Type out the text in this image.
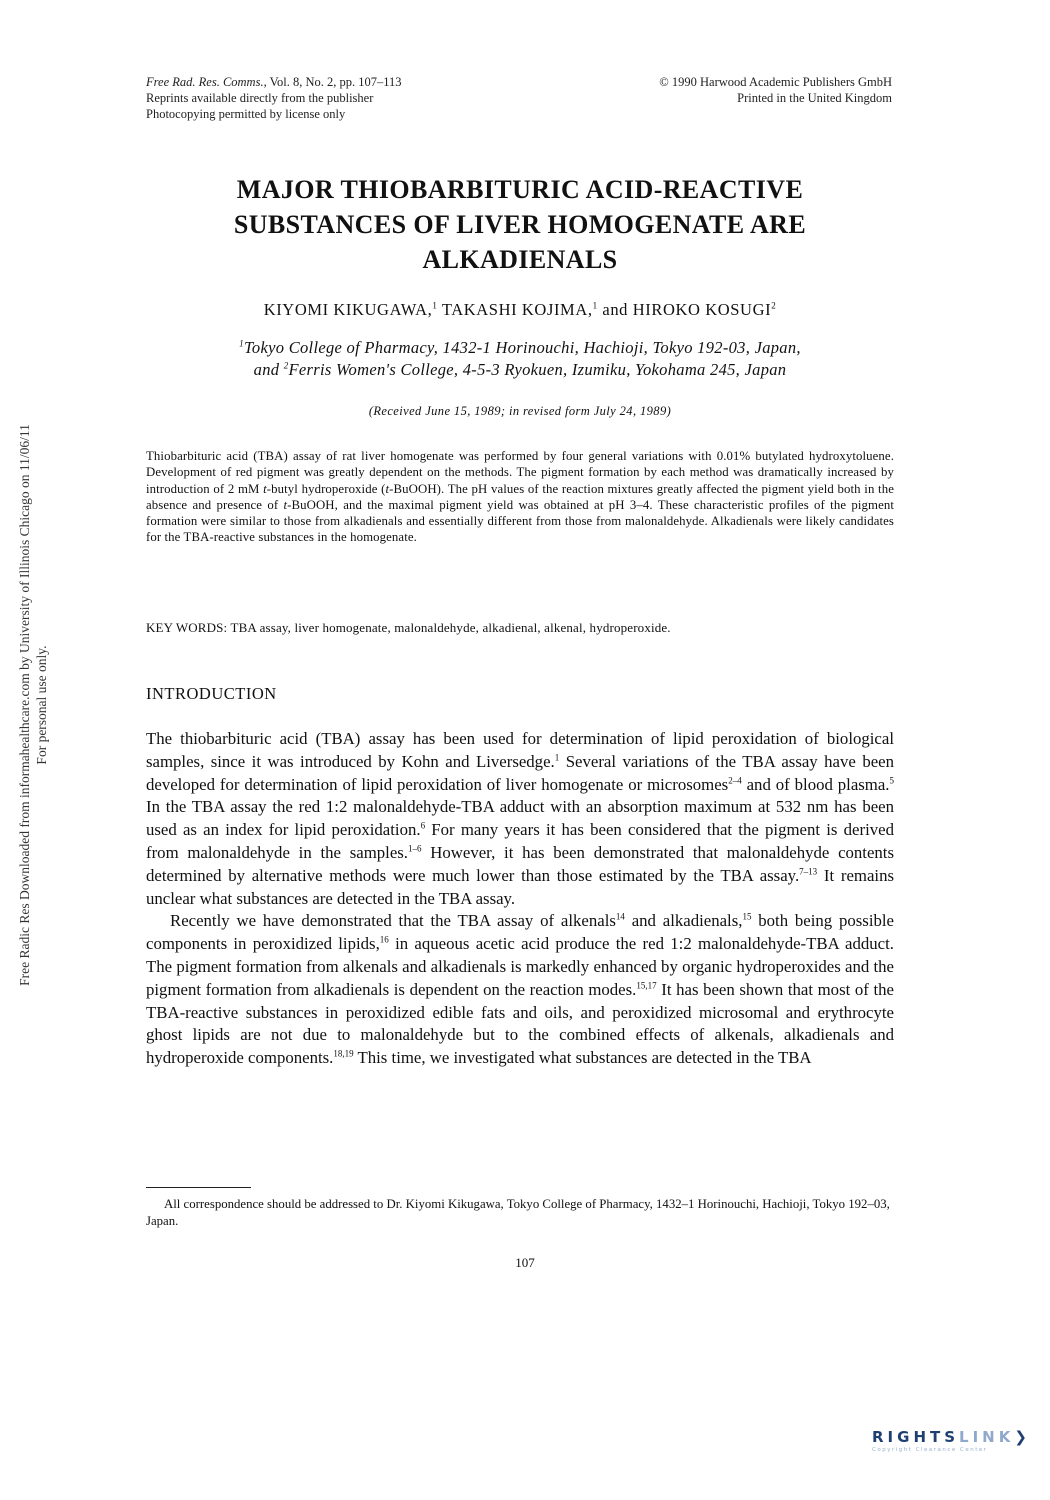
Free Rad. Res. Comms., Vol. 8, No. 2, pp. 107–113
Reprints available directly from the publisher
Photocopying permitted by license only
© 1990 Harwood Academic Publishers GmbH
Printed in the United Kingdom
Free Radic Res Downloaded from informahealthcare.com by University of Illinois Chicago on 11/06/11 For personal use only.
MAJOR THIOBARBITURIC ACID-REACTIVE
SUBSTANCES OF LIVER HOMOGENATE ARE
ALKADIENALS
KIYOMI KIKUGAWA,$^1$ TAKASHI KOJIMA,$^1$ and HIROKO KOSUGI$^2$
$^1$Tokyo College of Pharmacy, 1432-1 Horinouchi, Hachioji, Tokyo 192-03, Japan,
and $^2$Ferris Women's College, 4-5-3 Ryokuen, Izumiku, Yokohama 245, Japan
(Received June 15, 1989; in revised form July 24, 1989)
Thiobarbituric acid (TBA) assay of rat liver homogenate was performed by four general variations with 0.01% butylated hydroxytoluene. Development of red pigment was greatly dependent on the methods. The pigment formation by each method was dramatically increased by introduction of 2 mM t-butyl hydroperoxide (t-BuOOH). The pH values of the reaction mixtures greatly affected the pigment yield both in the absence and presence of t-BuOOH, and the maximal pigment yield was obtained at pH 3–4. These characteristic profiles of the pigment formation were similar to those from alkadienals and essentially different from those from malonaldehyde. Alkadienals were likely candidates for the TBA-reactive substances in the homogenate.
KEY WORDS: TBA assay, liver homogenate, malonaldehyde, alkadienal, alkenal, hydroperoxide.
INTRODUCTION

The thiobarbituric acid (TBA) assay has been used for determination of lipid peroxidation of biological samples, since it was introduced by Kohn and Liversedge.$^1$ Several variations of the TBA assay have been developed for determination of lipid peroxidation of liver homogenate or microsomes$^{2-4}$ and of blood plasma.$^5$ In the TBA assay the red 1:2 malonaldehyde-TBA adduct with an absorption maximum at 532 nm has been used as an index for lipid peroxidation.$^6$ For many years it has been considered that the pigment is derived from malonaldehyde in the samples.$^{1-6}$ However, it has been demonstrated that malonaldehyde contents determined by alternative methods were much lower than those estimated by the TBA assay.$^{7-13}$ It remains unclear what substances are detected in the TBA assay.

Recently we have demonstrated that the TBA assay of alkenals$^{14}$ and alkadienals,$^{15}$ both being possible components in peroxidized lipids,$^{16}$ in aqueous acetic acid produce the red 1:2 malonaldehyde-TBA adduct. The pigment formation from alkenals and alkadienals is markedly enhanced by organic hydroperoxides and the pigment formation from alkadienals is dependent on the reaction modes.$^{15,17}$ It has been shown that most of the TBA-reactive substances in peroxidized edible fats and oils, and peroxidized microsomal and erythrocyte ghost lipids are not due to malonaldehyde but to the combined effects of alkenals, alkadienals and hydroperoxide components.$^{18,19}$ This time, we investigated what substances are detected in the TBA

All correspondence should be addressed to Dr. Kiyomi Kikugawa, Tokyo College of Pharmacy, 1432–1 Horinouchi, Hachioji, Tokyo 192–03, Japan.
107
RIGHTSLINK❯
Copyright Clearance Center
